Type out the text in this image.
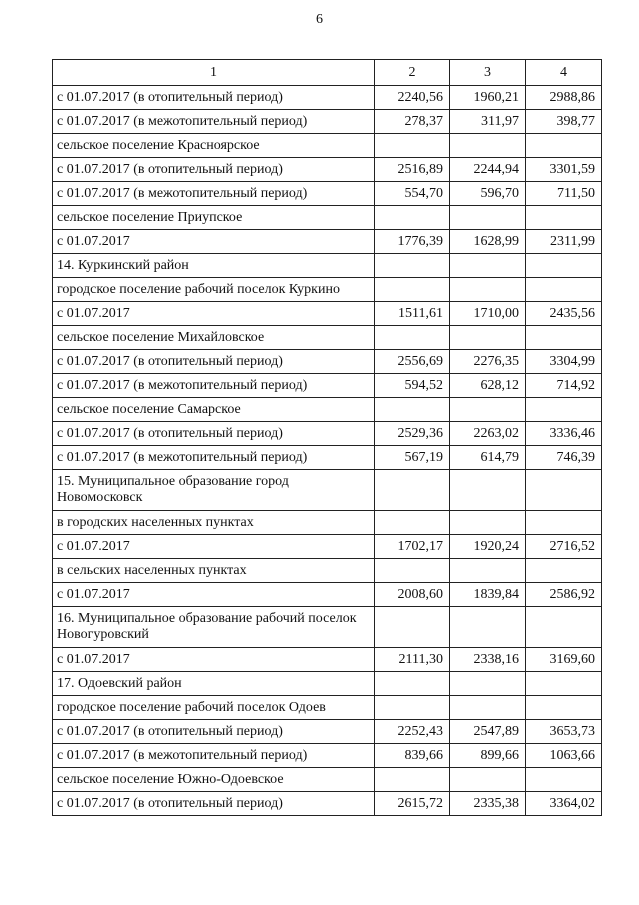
6
1	2	3	4
с 01.07.2017 (в отопительный период)	2240,56	1960,21	2988,86
с 01.07.2017 (в межотопительный период)	278,37	311,97	398,77
сельское поселение Красноярское			
с 01.07.2017 (в отопительный период)	2516,89	2244,94	3301,59
с 01.07.2017 (в межотопительный период)	554,70	596,70	711,50
сельское поселение Приупское			
с 01.07.2017	1776,39	1628,99	2311,99
14. Куркинский район			
городское поселение рабочий поселок Куркино			
с 01.07.2017	1511,61	1710,00	2435,56
сельское поселение Михайловское			
с 01.07.2017 (в отопительный период)	2556,69	2276,35	3304,99
с 01.07.2017 (в межотопительный период)	594,52	628,12	714,92
сельское поселение Самарское			
с 01.07.2017 (в отопительный период)	2529,36	2263,02	3336,46
с 01.07.2017 (в межотопительный период)	567,19	614,79	746,39
15. Муниципальное образование город Новомосковск			
в городских населенных пунктах			
с 01.07.2017	1702,17	1920,24	2716,52
в сельских населенных пунктах			
с 01.07.2017	2008,60	1839,84	2586,92
16. Муниципальное образование рабочий поселок Новогуровский			
с 01.07.2017	2111,30	2338,16	3169,60
17. Одоевский район			
городское поселение рабочий поселок Одоев			
с 01.07.2017 (в отопительный период)	2252,43	2547,89	3653,73
с 01.07.2017 (в межотопительный период)	839,66	899,66	1063,66
сельское поселение Южно-Одоевское			
с 01.07.2017 (в отопительный период)	2615,72	2335,38	3364,02
